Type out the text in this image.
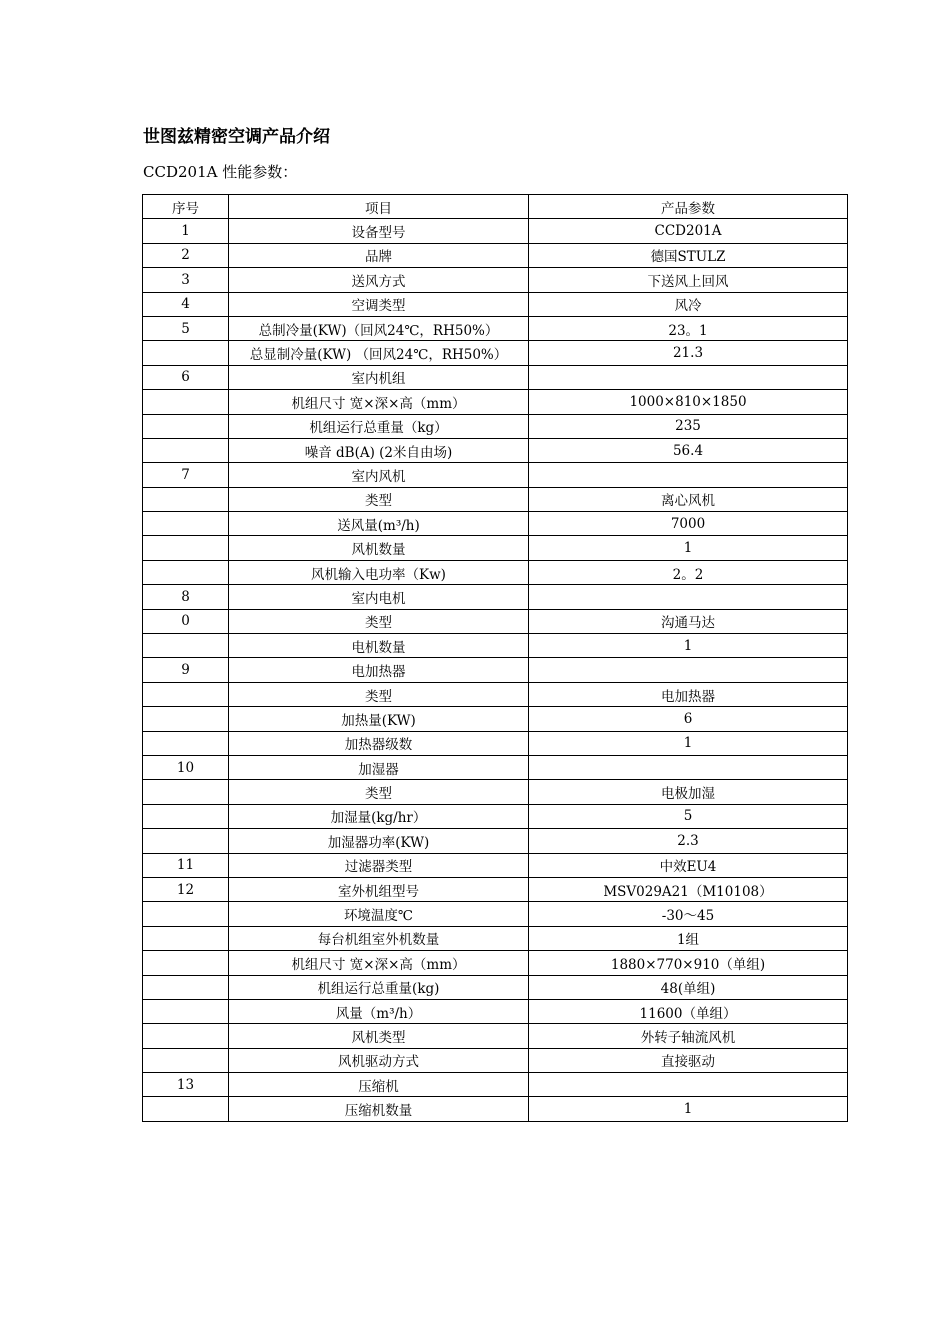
世图兹精密空调产品介绍
CCD201A 性能参数：
序号	项目	产品参数
1	设备型号	CCD201A
2	品牌	德国STULZ
3	送风方式	下送风上回风
4	空调类型	风冷
5	总制冷量(KW)（回风24℃，RH50%）	23。1
	总显制冷量(KW) （回风24℃，RH50%）	21.3
6	室内机组	
	机组尺寸 宽×深×高（mm）	1000×810×1850
	机组运行总重量（kg）	235
	噪音 dB(A) (2米自由场)	56.4
7	室内风机	
	类型	离心风机
	送风量(m³/h)	7000
	风机数量	1
	风机输入电功率（Kw)	2。2
8	室内电机	
0	类型	沟通马达
	电机数量	1
9	电加热器	
	类型	电加热器
	加热量(KW)	6
	加热器级数	1
10	加湿器	
	类型	电极加湿
	加湿量(kg/hr）	5
	加湿器功率(KW)	2.3
11	过滤器类型	中效EU4
12	室外机组型号	MSV029A21（M10108）
	环境温度℃	-30～45
	每台机组室外机数量	1组
	机组尺寸 宽×深×高（mm）	1880×770×910（单组)
	机组运行总重量(kg)	48(单组)
	风量（m³/h）	11600（单组）
	风机类型	外转子轴流风机
	风机驱动方式	直接驱动
13	压缩机	
	压缩机数量	1
